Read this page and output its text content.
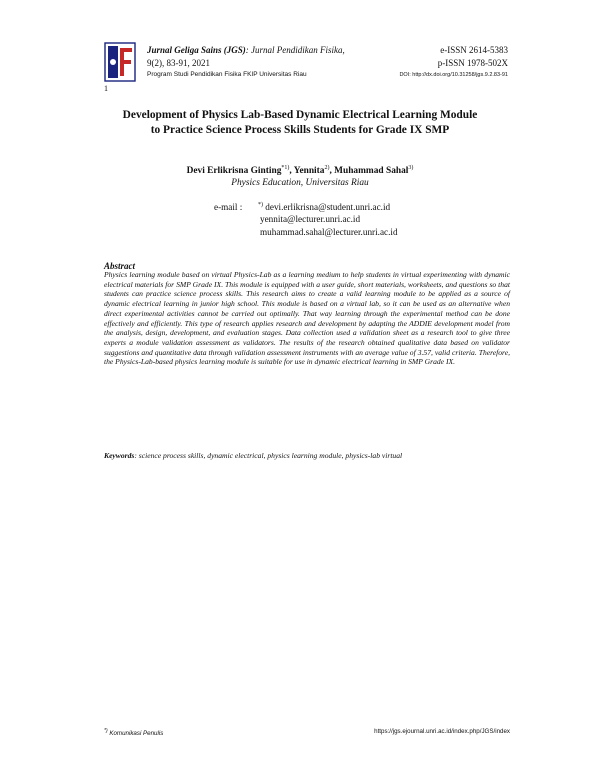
1
Jurnal Geliga Sains (JGS): Jurnal Pendidikan Fisika,
9(2), 83-91, 2021
Program Studi Pendidikan Fisika FKIP Universitas Riau
e-ISSN 2614-5383
p-ISSN 1978-502X
DOI: http://dx.doi.org/10.31258/jgs.9.2.83-91
Development of Physics Lab-Based Dynamic Electrical Learning Module
to Practice Science Process Skills Students for Grade IX SMP
Devi Erlikrisna Ginting$^{*1)}$, Yennita$^{2)}$, Muhammad Sahal$^{3)}$
Physics Education, Universitas Riau
e-mail :	*) devi.erlikrisna@student.unri.ac.id
yennita@lecturer.unri.ac.id
muhammad.sahal@lecturer.unri.ac.id
Abstract
Physics learning module based on virtual Physics-Lab as a learning medium to help students in virtual experimenting with dynamic electrical materials for SMP Grade IX. This module is equipped with a user guide, short materials, worksheets, and questions so that students can practice science process skills. This research aims to create a valid learning module to be applied as a source of dynamic electrical learning in junior high school. This module is based on a virtual lab, so it can be used as an alternative when direct experimental activities cannot be carried out optimally. That way learning through the experimental method can be done effectively and efficiently. This type of research applies research and development by adapting the ADDIE development model from the analysis, design, development, and evaluation stages. Data collection used a validation sheet as a research tool to give three experts a module validation assessment as validators. The results of the research obtained qualitative data based on validator suggestions and quantitative data through validation assessment instruments with an average value of 3.57, valid criteria. Therefore, the Physics-Lab-based physics learning module is suitable for use in dynamic electrical learning in SMP Grade IX.
Keywords: science process skills, dynamic electrical, physics learning module, physics-lab virtual
*) Komunikasi Penulis	https://jgs.ejournal.unri.ac.id/index.php/JGS/index
